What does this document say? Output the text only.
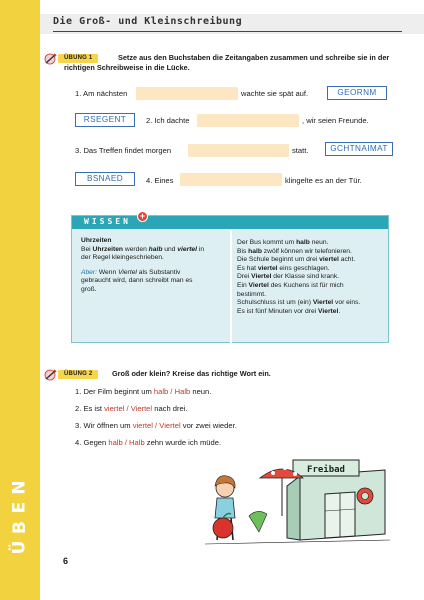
N
E
B
Ü
Die Groß- und Kleinschreibung
ÜBUNG 1	Setze aus den Buchstaben die Zeitangaben zusammen und schreibe sie in der
richtigen Schreibweise in die Lücke.
1. Am nächsten	wachte sie spät auf.	GEORNM
RSEGENT	2. Ich dachte	, wir seien Freunde.
3. Das Treffen findet morgen	statt.	GCHTNAIMAT
BSNAED	4. Eines	klingelte es an der Tür.
WISSEN
+
Uhrzeiten
Bei Uhrzeiten werden halb und viertel in
der Regel kleingeschrieben.
Aber: Wenn Viertel als Substantiv
gebraucht wird, dann schreibt man es
groß.
Der Bus kommt um halb neun.
Bis halb zwölf können wir telefonieren.
Die Schule beginnt um drei viertel acht.
Es hat viertel eins geschlagen.
Drei Viertel der Klasse sind krank.
Ein Viertel des Kuchens ist für mich
bestimmt.
Schulschluss ist um (ein) Viertel vor eins.
Es ist fünf Minuten vor drei Viertel.
ÜBUNG 2	Groß oder klein? Kreise das richtige Wort ein.
1. Der Film beginnt um halb / Halb neun.
2. Es ist viertel / Viertel nach drei.
3. Wir öffnen um viertel / Viertel vor zwei wieder.
4. Gegen halb / Halb zehn wurde ich müde.
Freibad
6
